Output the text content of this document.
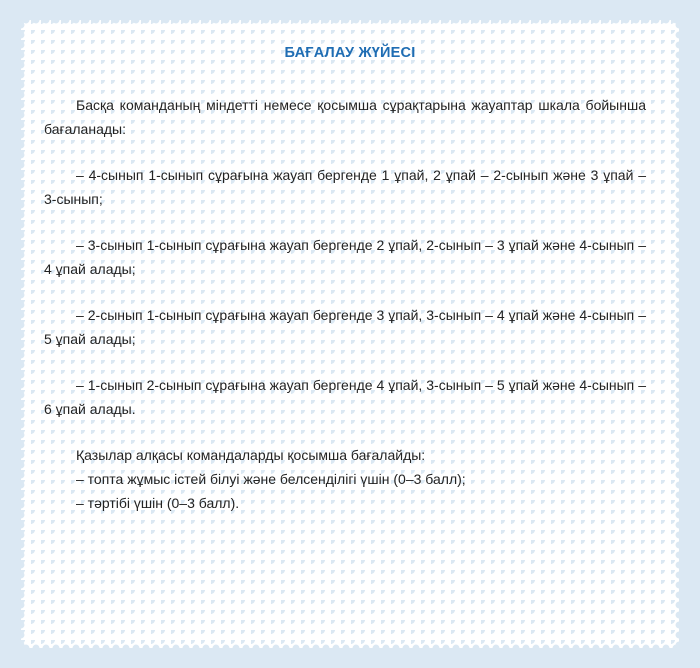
БАҒАЛАУ ЖҮЙЕСІ

Басқа команданың міндетті немесе қосымша сұрақтарына жауаптар шкала бойынша бағаланады:

– 4-сынып 1-сынып сұрағына жауап бергенде 1 ұпай, 2 ұпай – 2-сынып және 3 ұпай – 3-сынып;

– 3-сынып 1-сынып сұрағына жауап бергенде 2 ұпай, 2-сынып – 3 ұпай және 4-сынып – 4 ұпай алады;

– 2-сынып 1-сынып сұрағына жауап бергенде 3 ұпай, 3-сынып – 4 ұпай және 4-сынып – 5 ұпай алады;

– 1-сынып 2-сынып сұрағына жауап бергенде 4 ұпай, 3-сынып – 5 ұпай және 4-сынып – 6 ұпай алады.

Қазылар алқасы командаларды қосымша бағалайды:

– топта жұмыс істей білуі және белсенділігі үшін (0–3 балл);

– тәртібі үшін (0–3 балл).
